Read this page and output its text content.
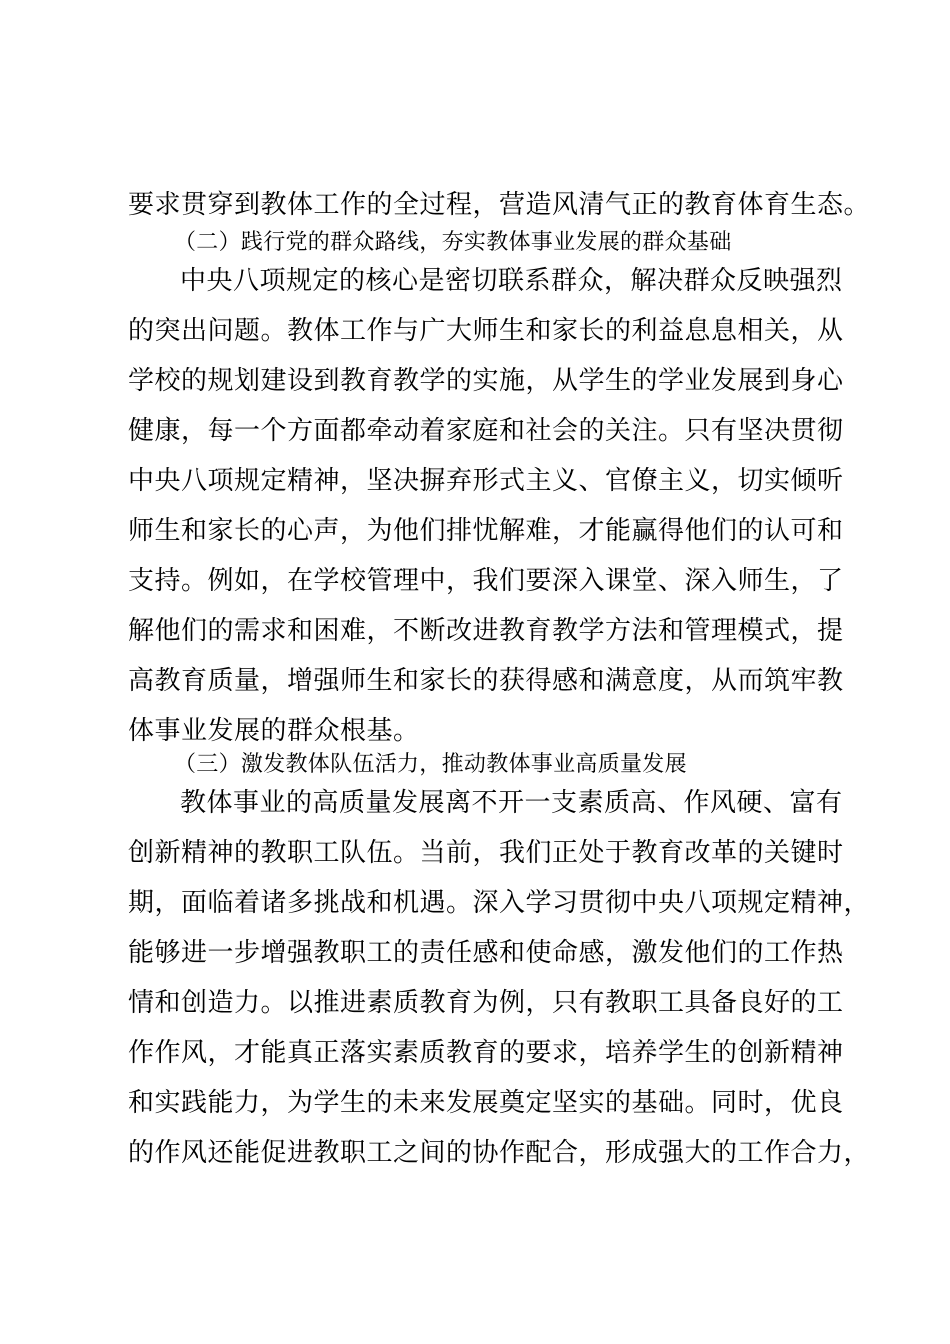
要求贯穿到教体工作的全过程，营造风清气正的教育体育生态。
（二）践行党的群众路线，夯实教体事业发展的群众基础
中央八项规定的核心是密切联系群众，解决群众反映强烈
的突出问题。教体工作与广大师生和家长的利益息息相关，从
学校的规划建设到教育教学的实施，从学生的学业发展到身心
健康，每一个方面都牵动着家庭和社会的关注。只有坚决贯彻
中央八项规定精神，坚决摒弃形式主义、官僚主义，切实倾听
师生和家长的心声，为他们排忧解难，才能赢得他们的认可和
支持。例如，在学校管理中，我们要深入课堂、深入师生，了
解他们的需求和困难，不断改进教育教学方法和管理模式，提
高教育质量，增强师生和家长的获得感和满意度，从而筑牢教
体事业发展的群众根基。
（三）激发教体队伍活力，推动教体事业高质量发展
教体事业的高质量发展离不开一支素质高、作风硬、富有
创新精神的教职工队伍。当前，我们正处于教育改革的关键时
期，面临着诸多挑战和机遇。深入学习贯彻中央八项规定精神，
能够进一步增强教职工的责任感和使命感，激发他们的工作热
情和创造力。以推进素质教育为例，只有教职工具备良好的工
作作风，才能真正落实素质教育的要求，培养学生的创新精神
和实践能力，为学生的未来发展奠定坚实的基础。同时，优良
的作风还能促进教职工之间的协作配合，形成强大的工作合力，
